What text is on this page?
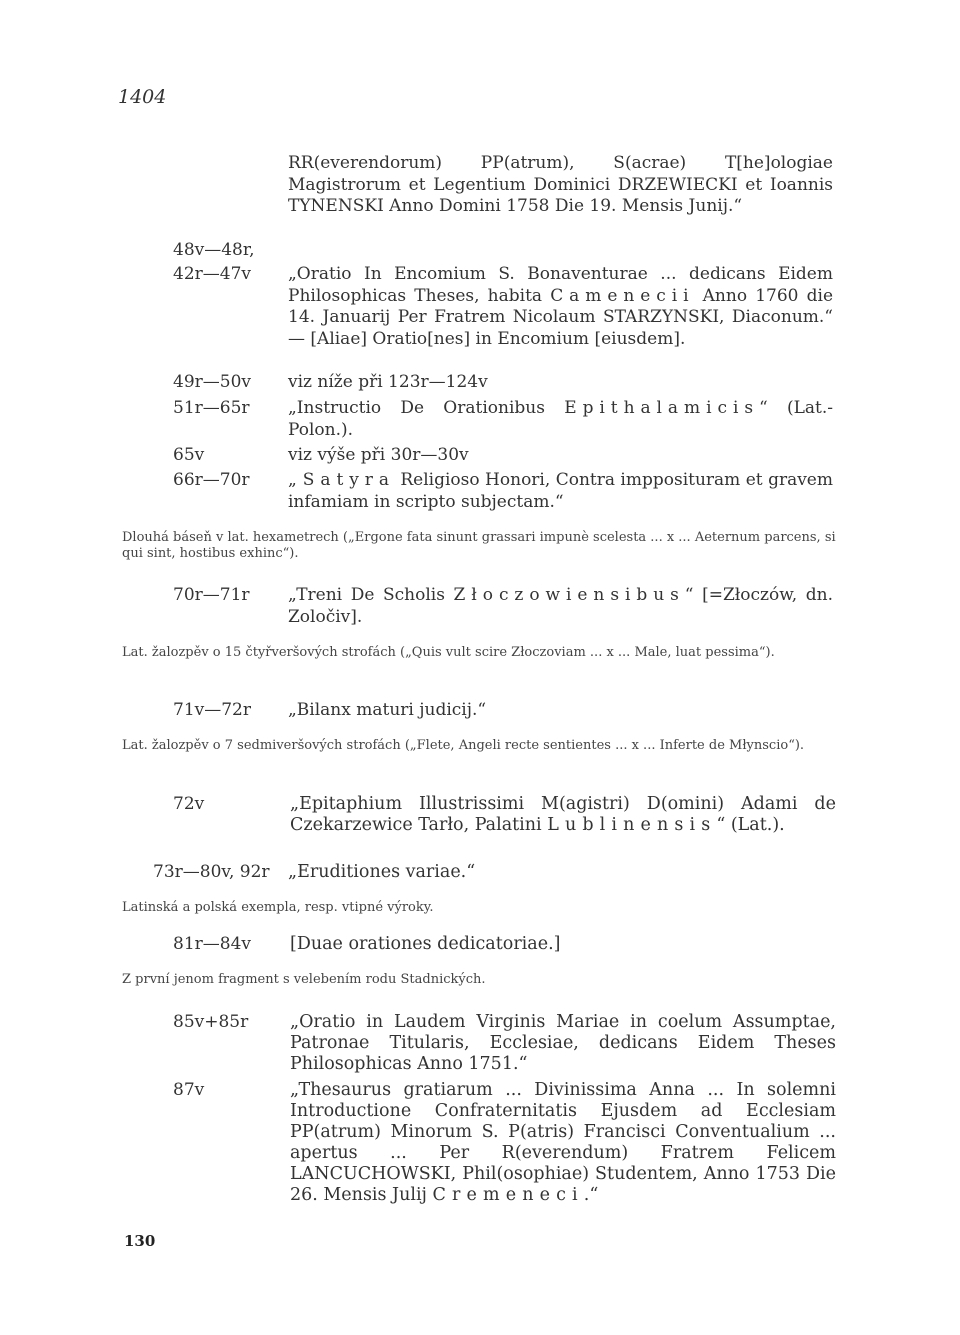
1404
RR(everendorum) PP(atrum), S(acrae) T[he]ologiae Magistrorum et Legentium Dominici DRZEWIECKI et Ioannis TYNENSKI Anno Domini 1758 Die 19. Mensis Junij.“
48v—48r,
42r—47v „Oratio In Encomium S. Bonaventurae ... dedicans Eidem Philosophicas Theses, habita Camenecii Anno 1760 die 14. Januarij Per Fratrem Nicolaum STARZYNSKI, Diaconum.“ — [Aliae] Oratio[nes] in Encomium [eiusdem].
49r—50v viz níže při 123r—124v
51r—65r „Instructio De Orationibus Epithalamicis“ (Lat.-Polon.).
65v	viz výše při 30r—30v
66r—70r „Satyra Religioso Honori, Contra impposituram et gravem infamiam in scripto subjectam.“
Dlouhá báseň v lat. hexametrech („Ergone fata sinunt grassari impunè scelesta ... x ... Aeternum parcens, si qui sint, hostibus exhinc“).
70r—71r „Treni De Scholis Złoczowiensibus“ [=Złoczów, dn. Zoločiv].
Lat. žalozpěv o 15 čtyřveršových strofách („Quis vult scire Złoczoviam ... x ... Male, luat pessima“).
71v—72r „Bilanx maturi judicij.“
Lat. žalozpěv o 7 sedmiveršových strofách („Flete, Angeli recte sentientes ... x ... Inferte de Młynscio“).
72v	„Epitaphium Illustrissimi M(agistri) D(omini) Adami de Czekarzewice Tarło, Palatini Lublinensis“ (Lat.).
73r—80v, 92r „Eruditiones variae.“
Latinská a polská exempla, resp. vtipné výroky.
81r—84v [Duae orationes dedicatoriae.]
Z první jenom fragment s velebením rodu Stadnických.
85v+85r „Oratio in Laudem Virginis Mariae in coelum Assumptae, Patronae Titularis, Ecclesiae, dedicans Eidem Theses Philosophicas Anno 1751.“
87v	„Thesaurus gratiarum ... Divinissima Anna ... In solemni Introductione Confraternitatis Ejusdem ad Ecclesiam PP(atrum) Minorum S. P(atris) Francisci Conventualium ... apertus ... Per R(everendum) Fratrem Felicem LANCUCHOWSKI, Phil(osophiae) Studentem, Anno 1753 Die 26. Mensis Julij Cremeneci.“
130
